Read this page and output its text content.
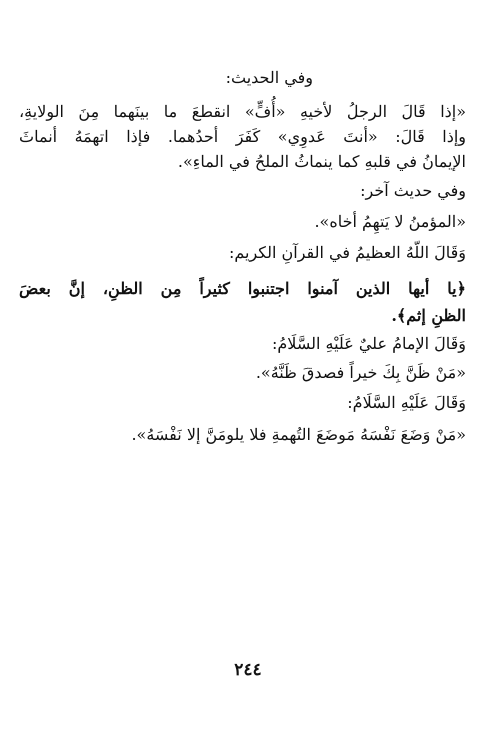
وفي الحديث:
«إذا قَالَ الرجلُ لأخيهِ «أُفٍّ» انقطعَ ما بينَهما مِنَ الولايةِ،
وإذا قَالَ: «أنتَ عَدوِي» كَفَرَ أحدُهما. فإذا اتهمَهُ أنماثَ
الإيمانُ في قلبهِ كما ينماثُ الملحُ في الماءِ».
وفي حديث آخر:
«المؤمنُ لا يَتهِمُ أخاه».
وَقَالَ اللّهُ العظيمُ في القرآنِ الكريم:
﴿يا أيها الذين آمنوا اجتنبوا كثيراً مِن الظنِ، إنَّ بعضَ
الظنِ إثم﴾.
وَقَالَ الإمامُ عليٌ عَلَيْهِ السَّلَامُ:
«مَنْ ظَنَّ بِكَ خيراً فصدقَ ظَنَّهُ».
وَقَالَ عَلَيْهِ السَّلَامُ:
«مَنْ وَضَعَ نَفْسَهُ مَوضَعَ التُهمةِ فلا يلومَنَّ إلا نَفْسَهُ».
٢٤٤
